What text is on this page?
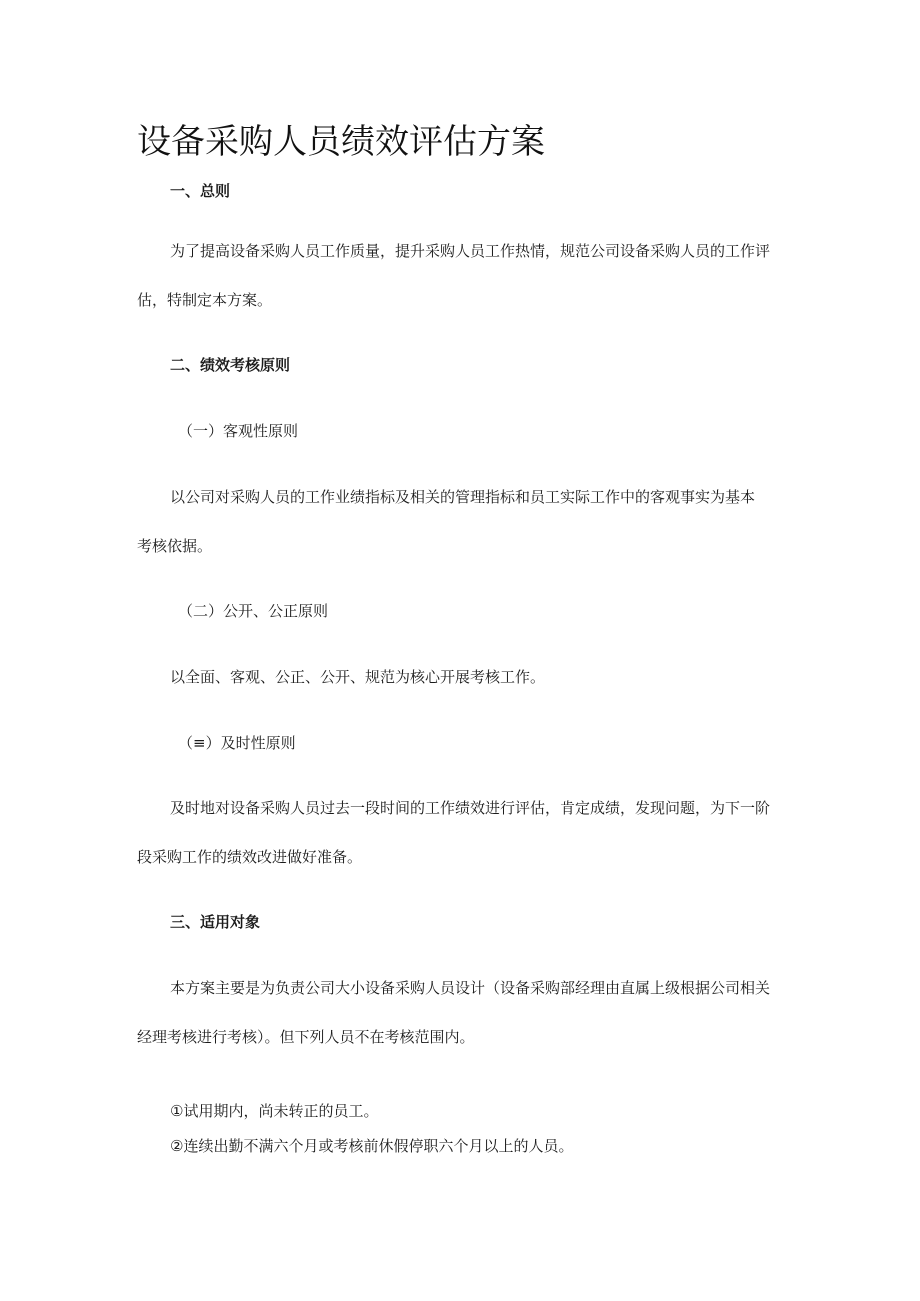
设备采购人员绩效评估方案

一、总则

为了提高设备采购人员工作质量，提升采购人员工作热情，规范公司设备采购人员的工作评

估，特制定本方案。

二、绩效考核原则

（一）客观性原则

以公司对采购人员的工作业绩指标及相关的管理指标和员工实际工作中的客观事实为基本

考核依据。

（二）公开、公正原则

以全面、客观、公正、公开、规范为核心开展考核工作。

（≡）及时性原则

及时地对设备采购人员过去一段时间的工作绩效进行评估，肯定成绩，发现问题，为下一阶

段采购工作的绩效改进做好准备。

三、适用对象

本方案主要是为负责公司大小设备采购人员设计（设备采购部经理由直属上级根据公司相关

经理考核进行考核）。但下列人员不在考核范围内。

①试用期内，尚未转正的员工。

②连续出勤不满六个月或考核前休假停职六个月以上的人员。
